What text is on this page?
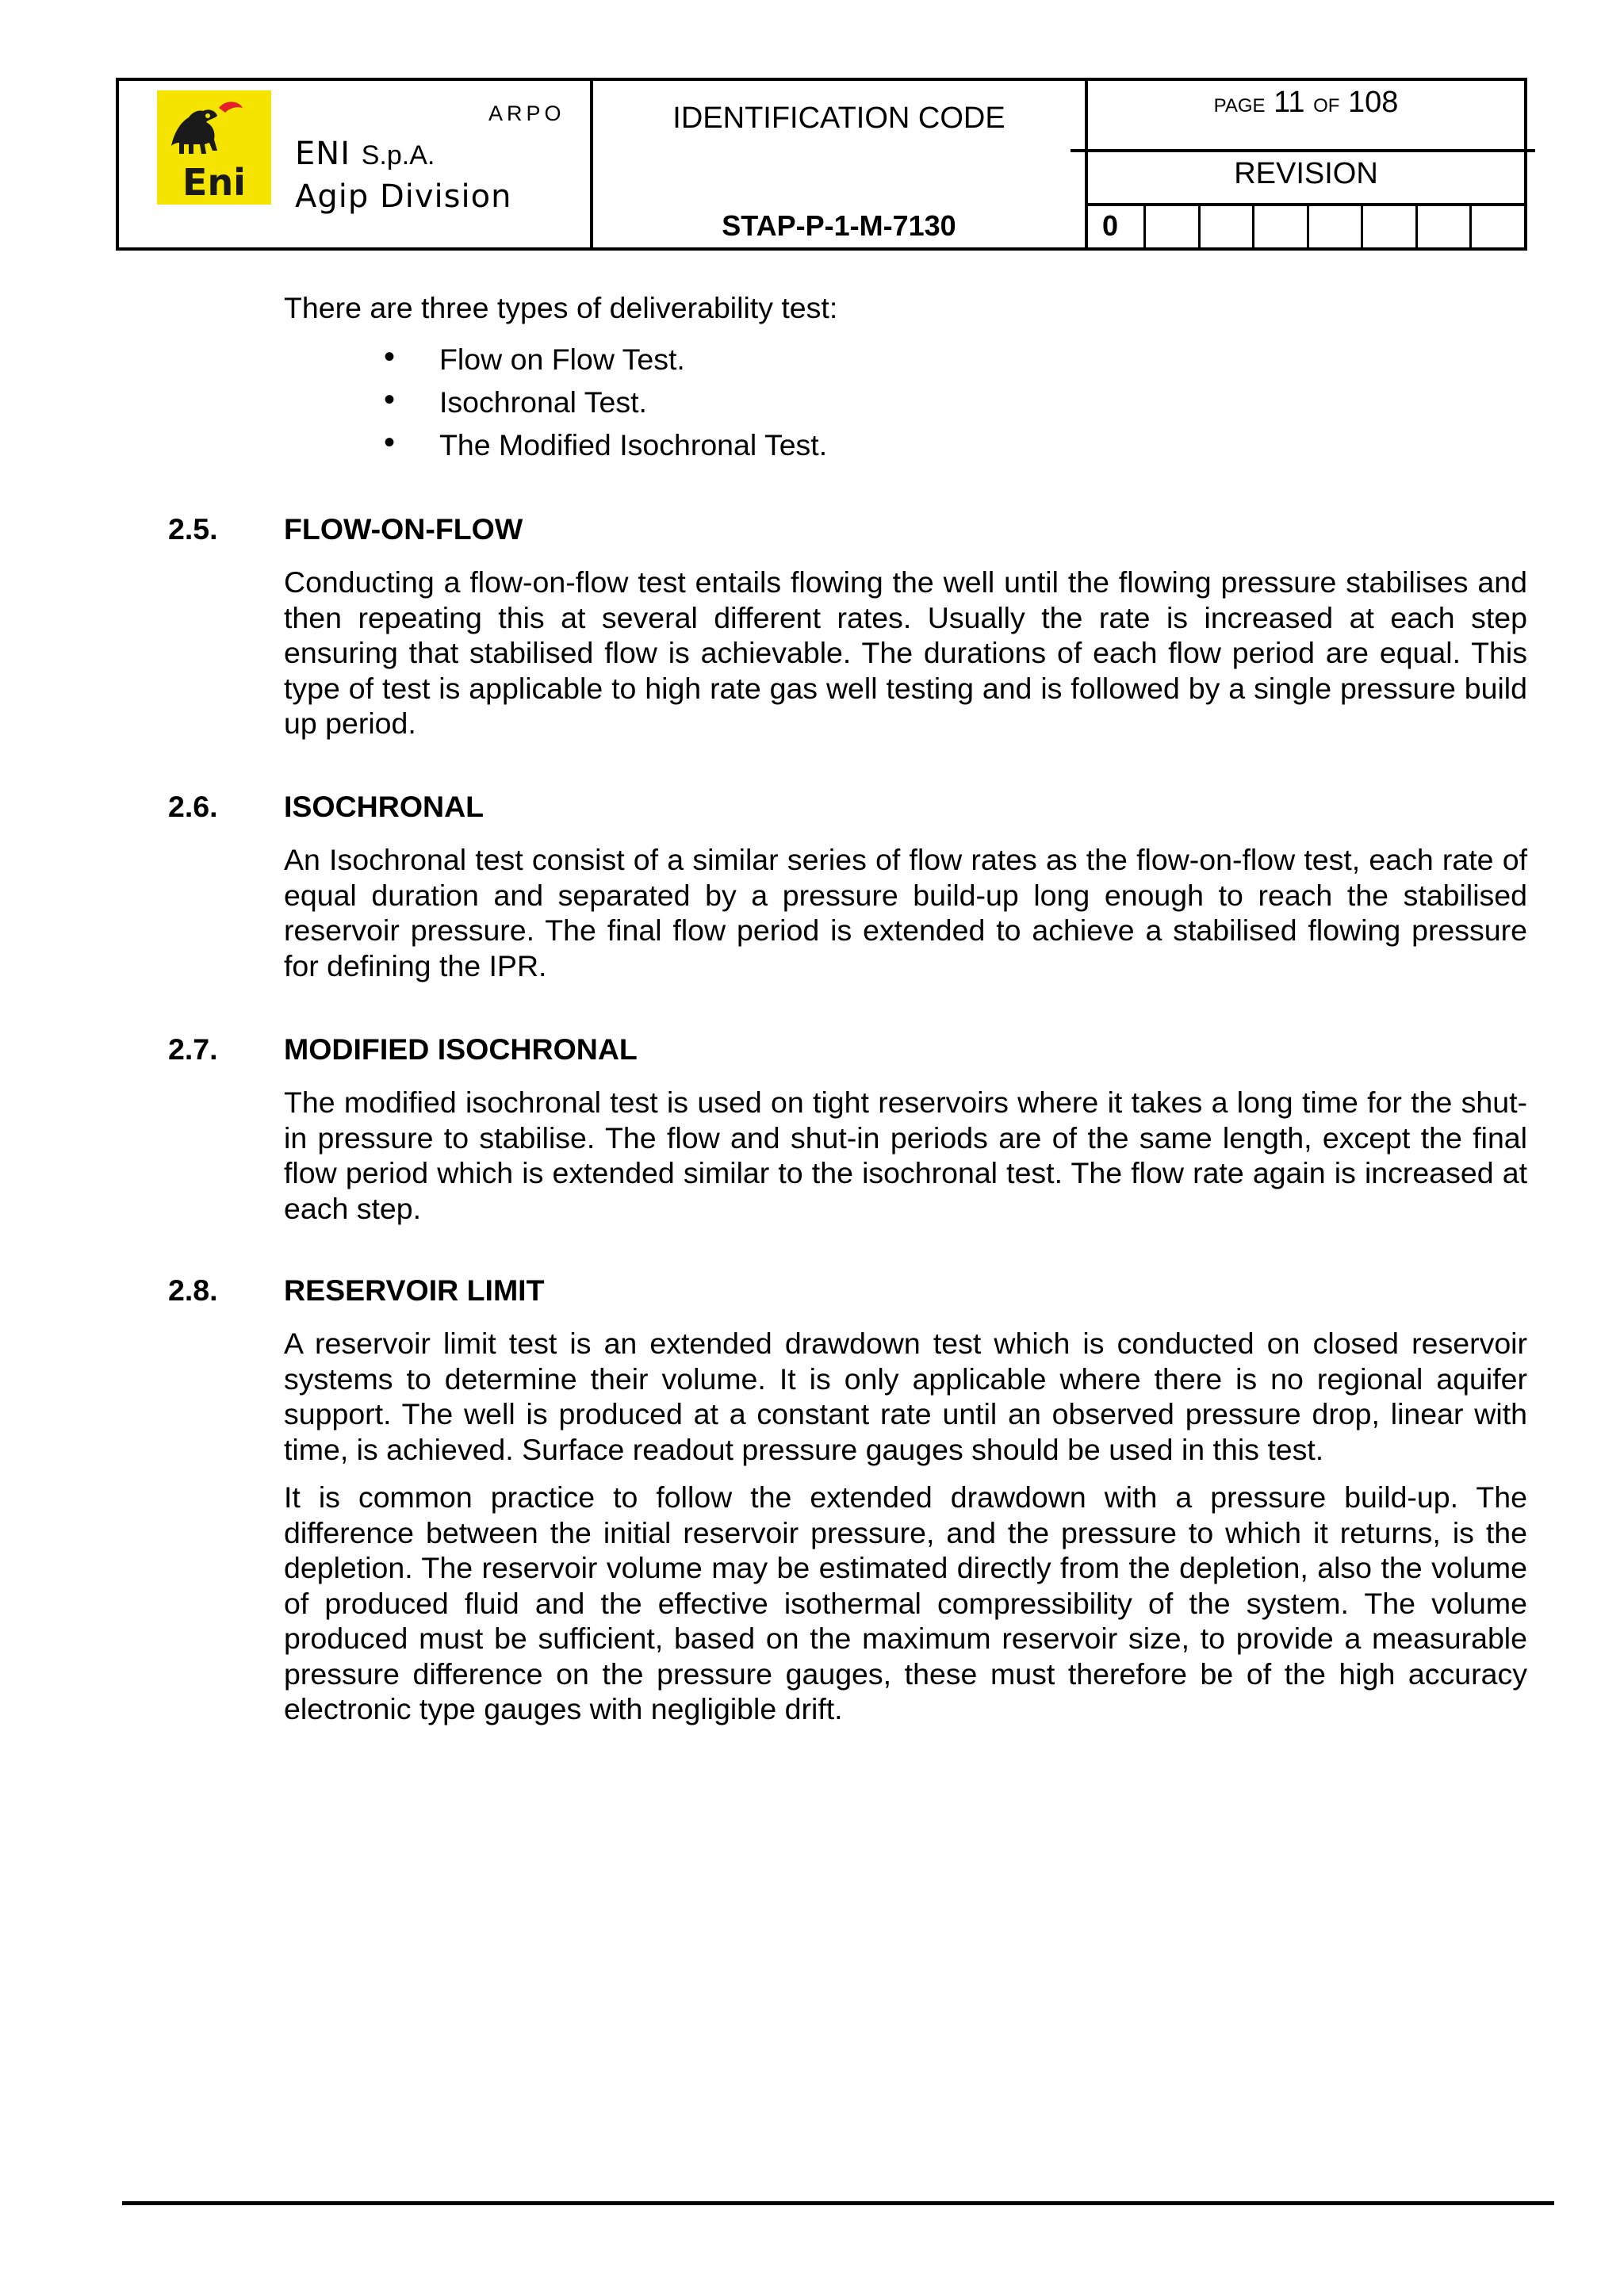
Eni
ARPO
ENI S.p.A.
Agip Division
IDENTIFICATION CODE
STAP-P-1-M-7130
PAGE 11 OF 108
REVISION
0
There are three types of deliverability test:
• Flow on Flow Test.
• Isochronal Test.
• The Modified Isochronal Test.
2.5. FLOW-ON-FLOW
Conducting a flow-on-flow test entails flowing the well until the flowing pressure stabilises and then repeating this at several different rates. Usually the rate is increased at each step ensuring that stabilised flow is achievable. The durations of each flow period are equal. This type of test is applicable to high rate gas well testing and is followed by a single pressure build up period.
2.6. ISOCHRONAL
An Isochronal test consist of a similar series of flow rates as the flow-on-flow test, each rate of equal duration and separated by a pressure build-up long enough to reach the stabilised reservoir pressure. The final flow period is extended to achieve a stabilised flowing pressure for defining the IPR.
2.7. MODIFIED ISOCHRONAL
The modified isochronal test is used on tight reservoirs where it takes a long time for the shut-in pressure to stabilise. The flow and shut-in periods are of the same length, except the final flow period which is extended similar to the isochronal test. The flow rate again is increased at each step.
2.8. RESERVOIR LIMIT
A reservoir limit test is an extended drawdown test which is conducted on closed reservoir systems to determine their volume. It is only applicable where there is no regional aquifer support. The well is produced at a constant rate until an observed pressure drop, linear with time, is achieved. Surface readout pressure gauges should be used in this test.
It is common practice to follow the extended drawdown with a pressure build-up. The difference between the initial reservoir pressure, and the pressure to which it returns, is the depletion. The reservoir volume may be estimated directly from the depletion, also the volume of produced fluid and the effective isothermal compressibility of the system. The volume produced must be sufficient, based on the maximum reservoir size, to provide a measurable pressure difference on the pressure gauges, these must therefore be of the high accuracy electronic type gauges with negligible drift.
